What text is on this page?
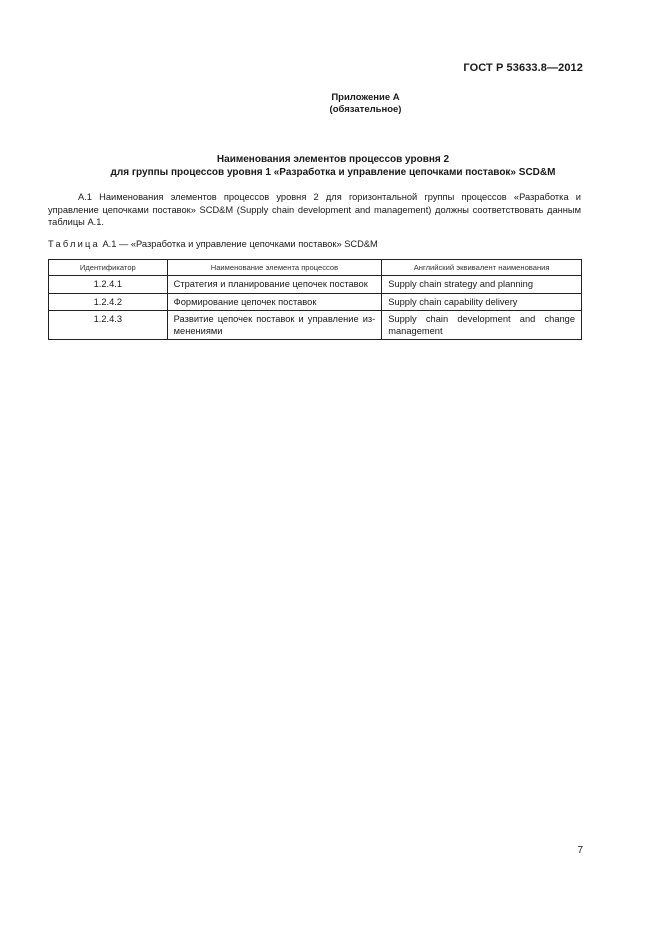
ГОСТ Р 53633.8—2012
Приложение А
(обязательное)
Наименования элементов процессов уровня 2
для группы процессов уровня 1 «Разработка и управление цепочками поставок» SCD&M
А.1 Наименования элементов процессов уровня 2 для горизонтальной группы процессов «Разработка и управление цепочками поставок» SCD&M (Supply chain development and management) должны соответствовать данным таблицы А.1.
Таблица А.1 — «Разработка и управление цепочками поставок» SCD&M
Идентификатор	Наименование элемента процессов	Английский эквивалент наименования
1.2.4.1	Стратегия и планирование цепочек поставок	Supply chain strategy and planning
1.2.4.2	Формирование цепочек поставок	Supply chain capability delivery
1.2.4.3	Развитие цепочек поставок и управление из-менениями	Supply chain development and change management
7
